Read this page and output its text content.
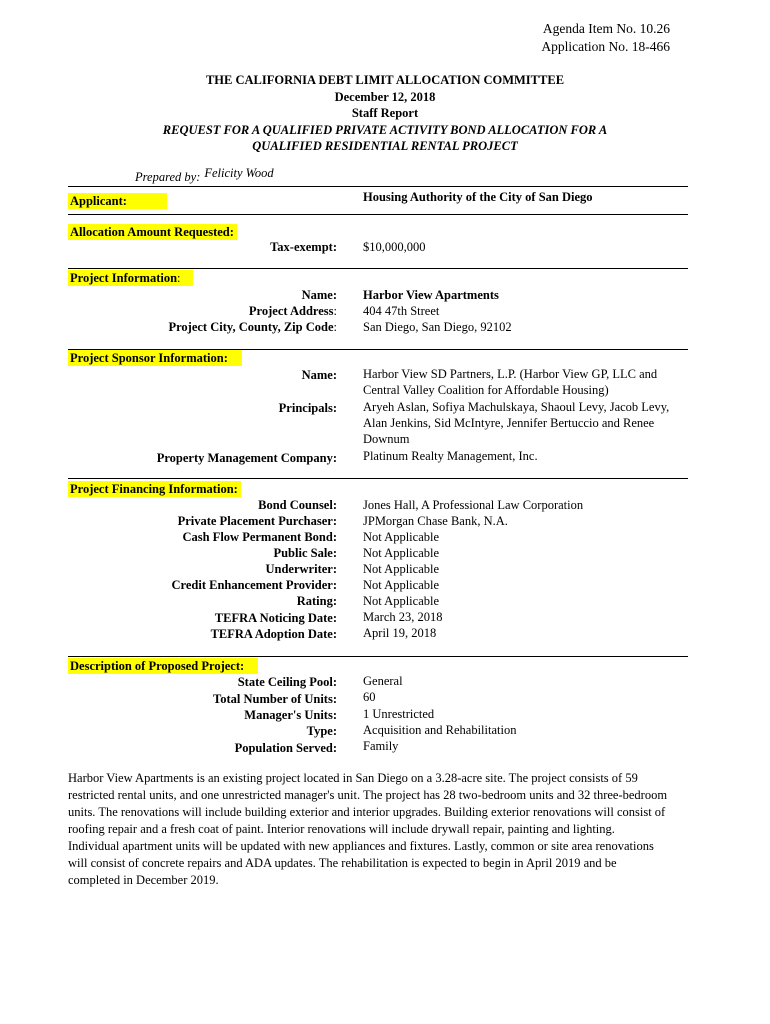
Agenda Item No. 10.26
Application No. 18-466
THE CALIFORNIA DEBT LIMIT ALLOCATION COMMITTEE
December 12, 2018
Staff Report
REQUEST FOR A QUALIFIED PRIVATE ACTIVITY BOND ALLOCATION FOR A
QUALIFIED RESIDENTIAL RENTAL PROJECT
Prepared by: Felicity Wood
Applicant:	Housing Authority of the City of San Diego
Allocation Amount Requested:
Tax-exempt: $10,000,000
Project Information:
Name: Harbor View Apartments
Project Address: 404 47th Street
Project City, County, Zip Code: San Diego, San Diego, 92102
Project Sponsor Information:
Name: Harbor View SD Partners, L.P. (Harbor View GP, LLC and Central Valley Coalition for Affordable Housing)
Principals: Aryeh Aslan, Sofiya Machulskaya, Shaoul Levy, Jacob Levy, Alan Jenkins, Sid McIntyre, Jennifer Bertuccio and Renee Downum
Property Management Company: Platinum Realty Management, Inc.
Project Financing Information:
Bond Counsel: Jones Hall, A Professional Law Corporation
Private Placement Purchaser: JPMorgan Chase Bank, N.A.
Cash Flow Permanent Bond: Not Applicable
Public Sale: Not Applicable
Underwriter: Not Applicable
Credit Enhancement Provider: Not Applicable
Rating: Not Applicable
TEFRA Noticing Date: March 23, 2018
TEFRA Adoption Date: April 19, 2018
Description of Proposed Project:
State Ceiling Pool: General
Total Number of Units: 60
Manager's Units: 1 Unrestricted
Type: Acquisition and Rehabilitation
Population Served: Family
Harbor View Apartments is an existing project located in San Diego on a 3.28-acre site. The project consists of 59 restricted rental units, and one unrestricted manager's unit. The project has 28 two-bedroom units and 32 three-bedroom units. The renovations will include building exterior and interior upgrades. Building exterior renovations will consist of roofing repair and a fresh coat of paint. Interior renovations will include drywall repair, painting and lighting. Individual apartment units will be updated with new appliances and fixtures. Lastly, common or site area renovations will consist of concrete repairs and ADA updates. The rehabilitation is expected to begin in April 2019 and be completed in December 2019.
